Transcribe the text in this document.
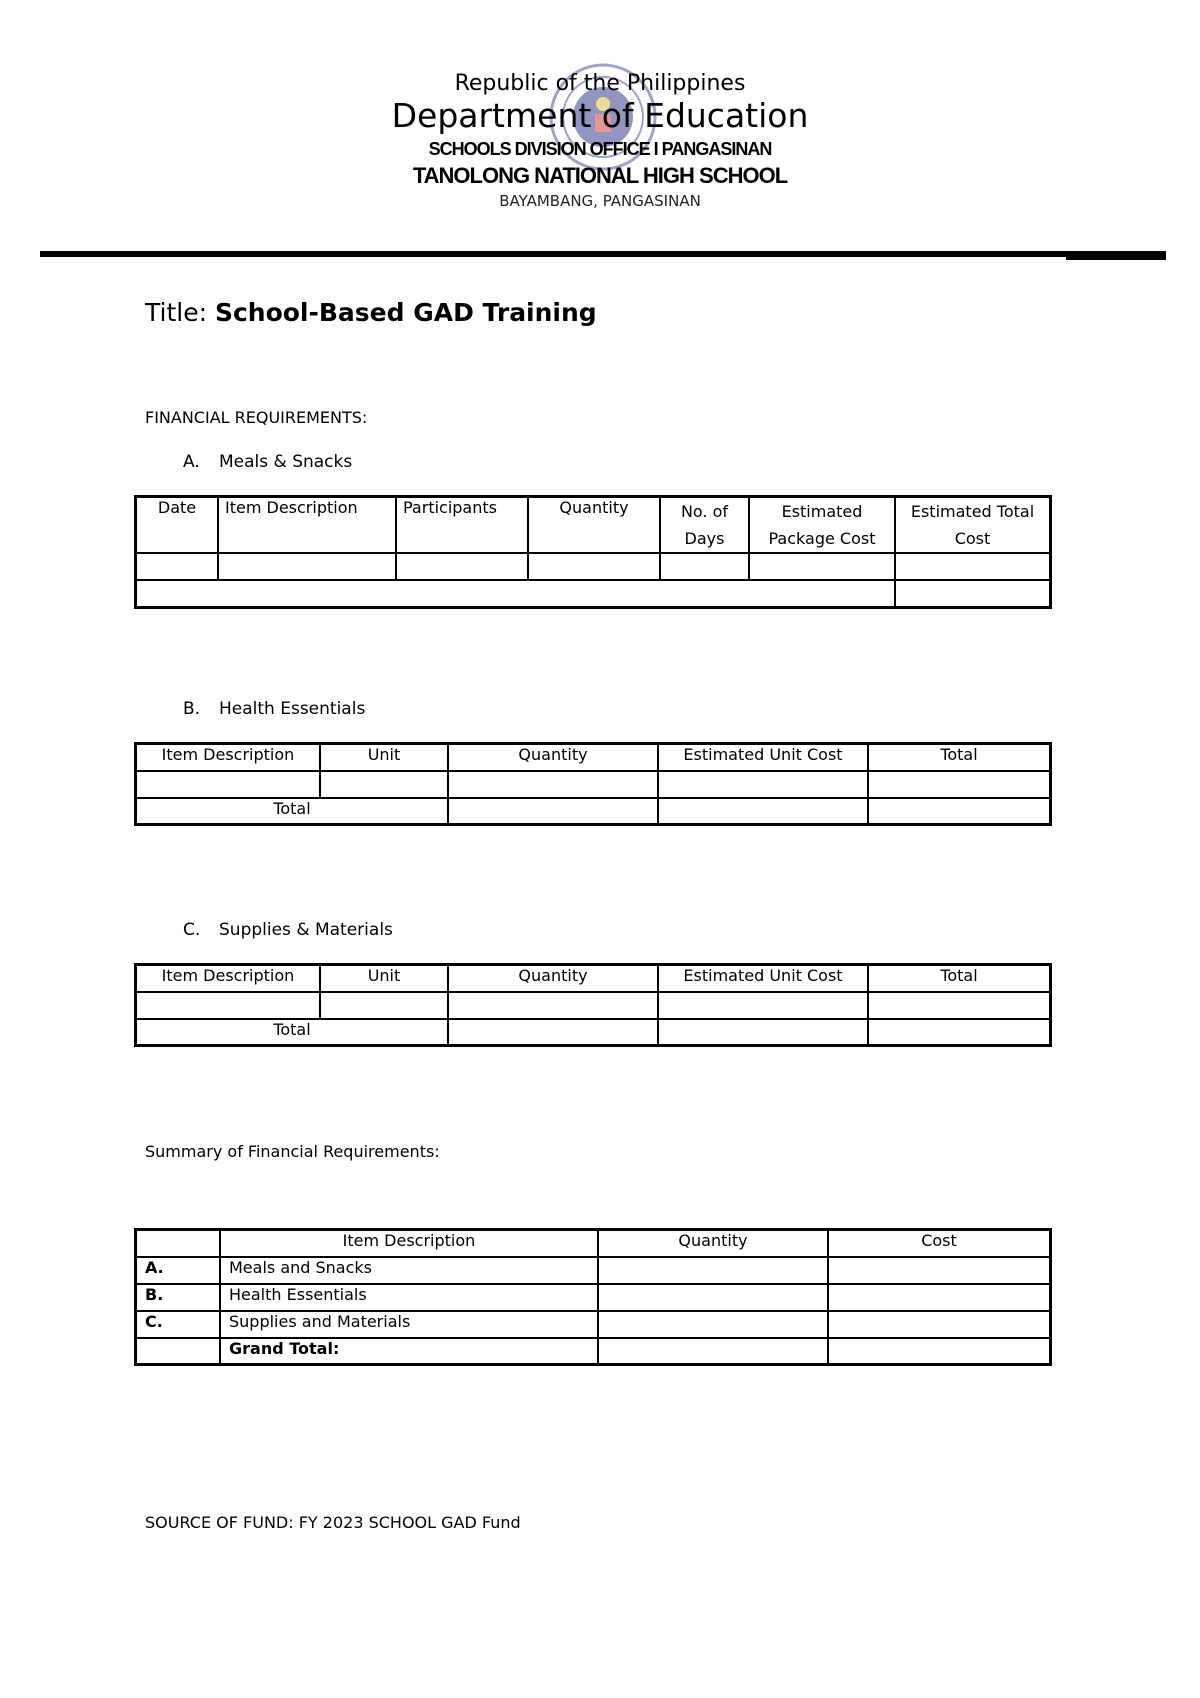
Republic of the Philippines
Department of Education
SCHOOLS DIVISION OFFICE I PANGASINAN
TANOLONG NATIONAL HIGH SCHOOL
BAYAMBANG, PANGASINAN
Title: School-Based GAD Training
FINANCIAL REQUIREMENTS:
A. Meals & Snacks
Date	Item Description	Participants	Quantity	No. of Days	Estimated Package Cost	Estimated Total Cost

B. Health Essentials
Item Description	Unit	Quantity	Estimated Unit Cost	Total

Total				
C. Supplies & Materials
Item Description	Unit	Quantity	Estimated Unit Cost	Total

Total				
Summary of Financial Requirements:
	Item Description	Quantity	Cost
A.	Meals and Snacks		
B.	Health Essentials		
C.	Supplies and Materials		
	Grand Total:		
SOURCE OF FUND: FY 2023 SCHOOL GAD Fund
